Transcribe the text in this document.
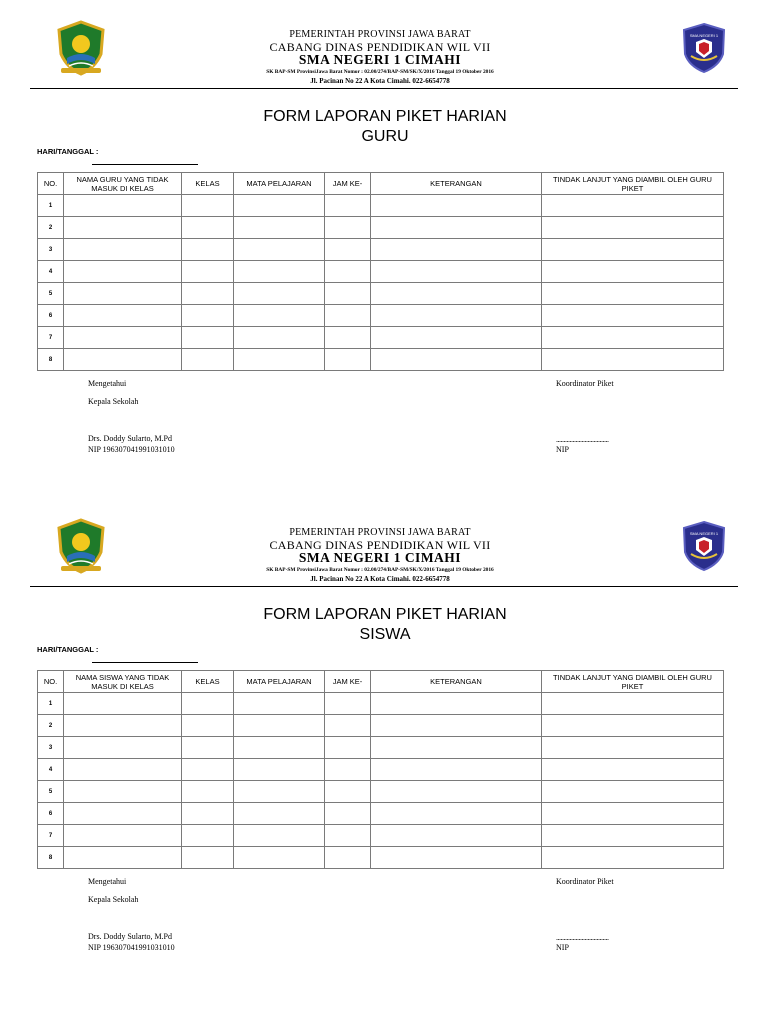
SMA NEGERI 1
PEMERINTAH PROVINSI JAWA BARAT
CABANG DINAS PENDIDIKAN WIL VII
SMA NEGERI 1 CIMAHI
SK BAP-SM ProvinsiJawa Barat Nomor : 02.00/274/BAP-SM/SK/X/2016 Tanggal 19 Oktober 2016
Jl. Pacinan No 22 A Kota Cimahi. 022-6654778
FORM LAPORAN PIKET HARIAN
GURU
HARI/TANGGAL :
NO.	NAMA GURU YANG TIDAK MASUK DI KELAS	KELAS	MATA PELAJARAN	JAM KE-	KETERANGAN	TINDAK LANJUT YANG DIAMBIL OLEH GURU PIKET
1						
2						
3						
4						
5						
6						
7						
8						
Mengetahui
Kepala Sekolah
Drs. Doddy Sularto, M.Pd
NIP 196307041991031010
Koordinator Piket
...................................
NIP
SMA NEGERI 1
PEMERINTAH PROVINSI JAWA BARAT
CABANG DINAS PENDIDIKAN WIL VII
SMA NEGERI 1 CIMAHI
SK BAP-SM ProvinsiJawa Barat Nomor : 02.00/274/BAP-SM/SK/X/2016 Tanggal 19 Oktober 2016
Jl. Pacinan No 22 A Kota Cimahi. 022-6654778
FORM LAPORAN PIKET HARIAN
SISWA
HARI/TANGGAL :
NO.	NAMA SISWA YANG TIDAK MASUK DI KELAS	KELAS	MATA PELAJARAN	JAM KE-	KETERANGAN	TINDAK LANJUT YANG DIAMBIL OLEH GURU PIKET
1						
2						
3						
4						
5						
6						
7						
8						
Mengetahui
Kepala Sekolah
Drs. Doddy Sularto, M.Pd
NIP 196307041991031010
Koordinator Piket
...................................
NIP
